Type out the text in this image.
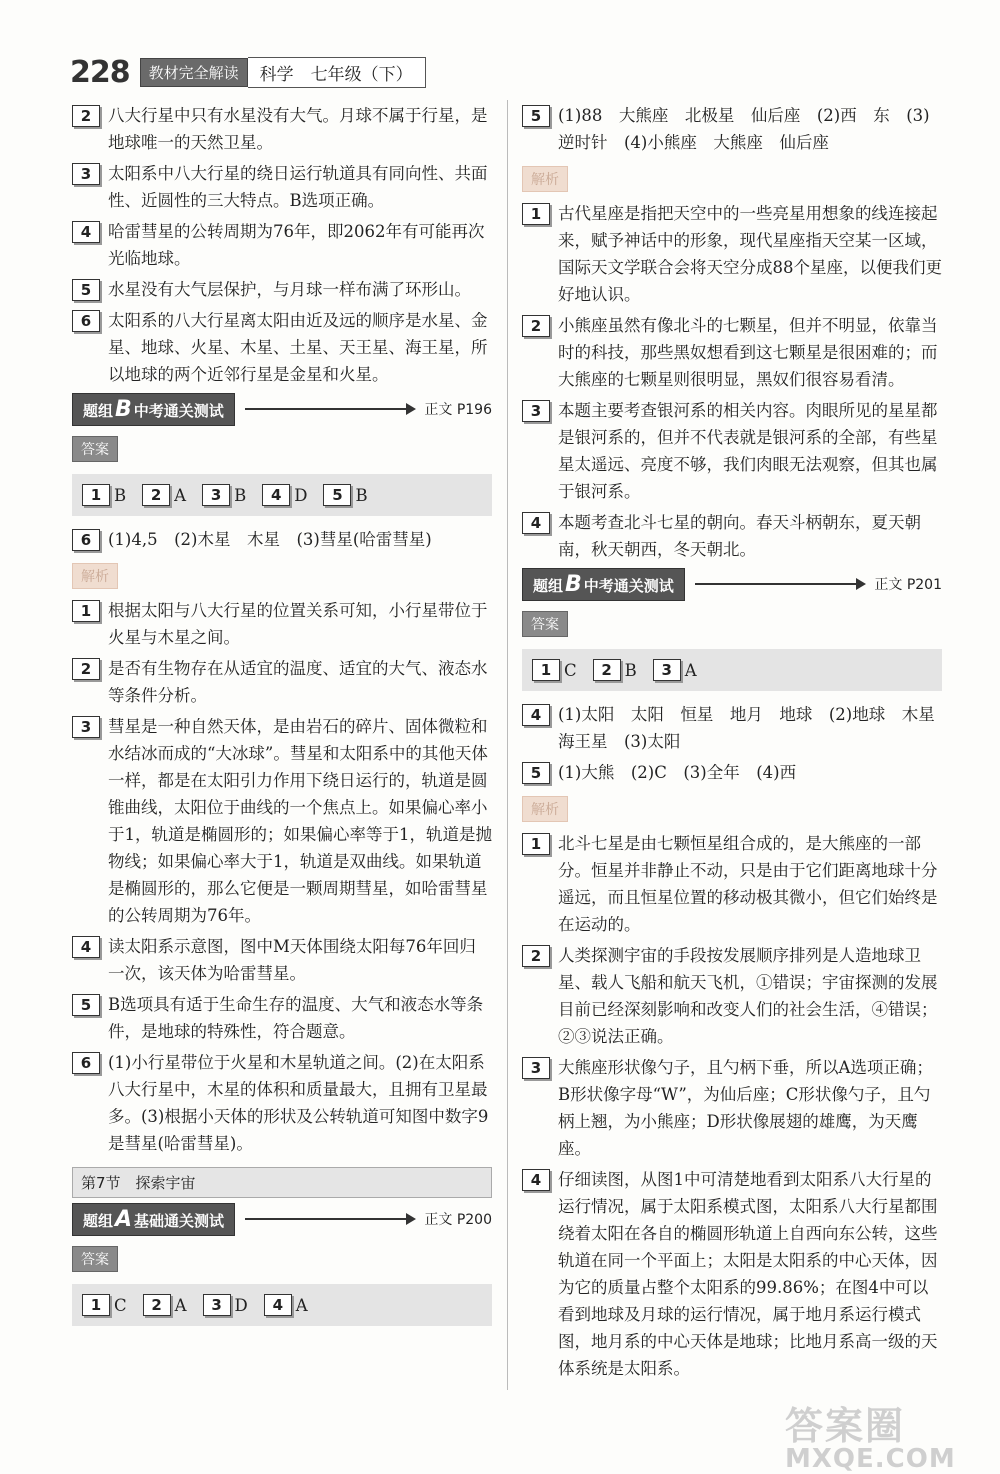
228	教材完全解读	科学　七年级（下）
2	八大行星中只有水星没有大气。月球不属于行星，是地球唯一的天然卫星。
3	太阳系中八大行星的绕日运行轨道具有同向性、共面性、近圆性的三大特点。B选项正确。
4	哈雷彗星的公转周期为76年，即2062年有可能再次光临地球。
5	水星没有大气层保护，与月球一样布满了环形山。
6	太阳系的八大行星离太阳由近及远的顺序是水星、金星、地球、火星、木星、土星、天王星、海王星，所以地球的两个近邻行星是金星和火星。
题组B 中考通关测试	正文 P196
答案
1 B	2 A	3 B	4 D	5 B
6	(1)4,5　(2)木星　木星　(3)彗星(哈雷彗星)
解析
1	根据太阳与八大行星的位置关系可知，小行星带位于火星与木星之间。
2	是否有生物存在从适宜的温度、适宜的大气、液态水等条件分析。
3	彗星是一种自然天体，是由岩石的碎片、固体微粒和水结冰而成的“大冰球”。彗星和太阳系中的其他天体一样，都是在太阳引力作用下绕日运行的，轨道是圆锥曲线，太阳位于曲线的一个焦点上。如果偏心率小于1，轨道是椭圆形的；如果偏心率等于1，轨道是抛物线；如果偏心率大于1，轨道是双曲线。如果轨道是椭圆形的，那么它便是一颗周期彗星，如哈雷彗星的公转周期为76年。
4	读太阳系示意图，图中M天体围绕太阳每76年回归一次，该天体为哈雷彗星。
5	B选项具有适于生命生存的温度、大气和液态水等条件，是地球的特殊性，符合题意。
6	(1)小行星带位于火星和木星轨道之间。(2)在太阳系八大行星中，木星的体积和质量最大，且拥有卫星最多。(3)根据小天体的形状及公转轨道可知图中数字9是彗星(哈雷彗星)。
第7节　探索宇宙
题组A 基础通关测试	正文 P200
答案
1 C	2 A	3 D	4 A
5	(1)88　大熊座　北极星　仙后座　(2)西　东　(3)逆时针　(4)小熊座　大熊座　仙后座
解析
1	古代星座是指把天空中的一些亮星用想象的线连接起来，赋予神话中的形象，现代星座指天空某一区域，国际天文学联合会将天空分成88个星座，以便我们更好地认识。
2	小熊座虽然有像北斗的七颗星，但并不明显，依靠当时的科技，那些黑奴想看到这七颗星是很困难的；而大熊座的七颗星则很明显，黑奴们很容易看清。
3	本题主要考查银河系的相关内容。肉眼所见的星星都是银河系的，但并不代表就是银河系的全部，有些星星太遥远、亮度不够，我们肉眼无法观察，但其也属于银河系。
4	本题考查北斗七星的朝向。春天斗柄朝东，夏天朝南，秋天朝西，冬天朝北。
题组B 中考通关测试	正文 P201
答案
1 C	2 B	3 A
4	(1)太阳　太阳　恒星　地月　地球　(2)地球　木星　海王星　(3)太阳
5	(1)大熊　(2)C　(3)全年　(4)西
解析
1	北斗七星是由七颗恒星组合成的，是大熊座的一部分。恒星并非静止不动，只是由于它们距离地球十分遥远，而且恒星位置的移动极其微小，但它们始终是在运动的。
2	人类探测宇宙的手段按发展顺序排列是人造地球卫星、载人飞船和航天飞机，①错误；宇宙探测的发展目前已经深刻影响和改变人们的社会生活，④错误；②③说法正确。
3	大熊座形状像勺子，且勺柄下垂，所以A选项正确；B形状像字母“W”，为仙后座；C形状像勺子，且勺柄上翘，为小熊座；D形状像展翅的雄鹰，为天鹰座。
4	仔细读图，从图1中可清楚地看到太阳系八大行星的运行情况，属于太阳系模式图，太阳系八大行星都围绕着太阳在各自的椭圆形轨道上自西向东公转，这些轨道在同一个平面上；太阳是太阳系的中心天体，因为它的质量占整个太阳系的99.86%；在图4中可以看到地球及月球的运行情况，属于地月系运行模式图，地月系的中心天体是地球；比地月系高一级的天体系统是太阳系。
答案圈
MXQE.COM
